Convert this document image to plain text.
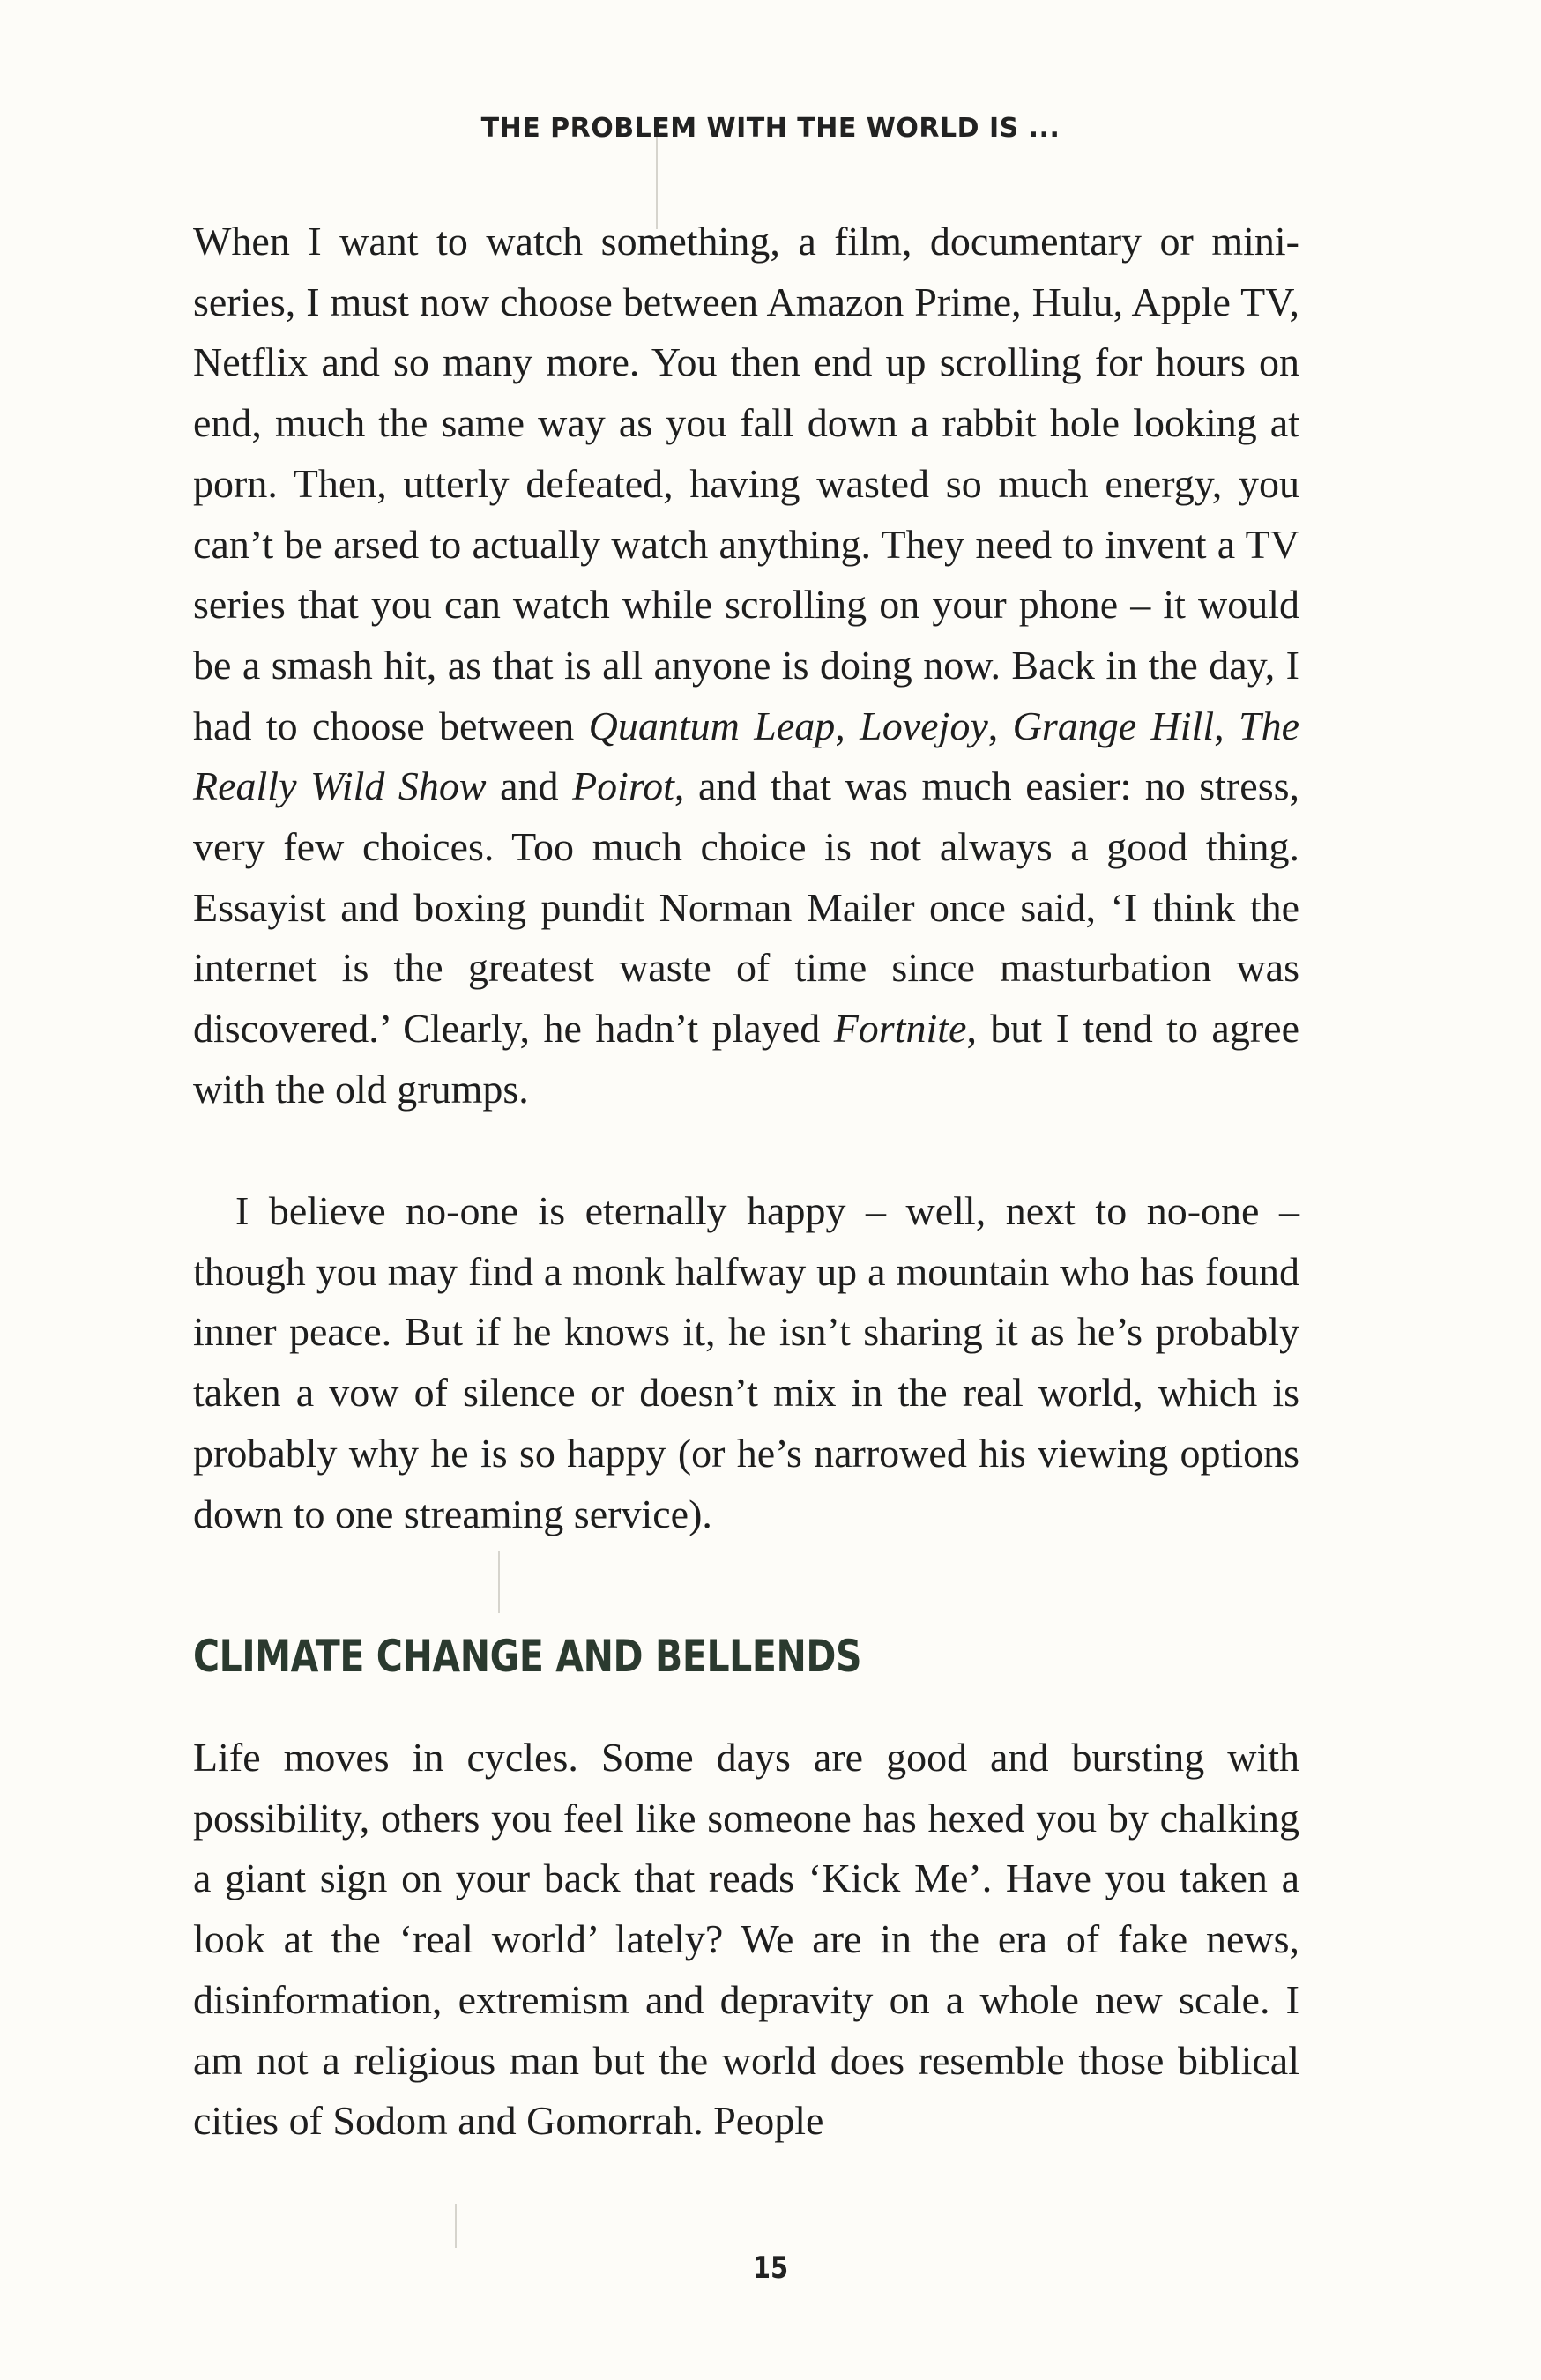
THE PROBLEM WITH THE WORLD IS ...

When I want to watch something, a film, documentary or mini-series, I must now choose between Amazon Prime, Hulu, Apple TV, Netflix and so many more. You then end up scrolling for hours on end, much the same way as you fall down a rabbit hole looking at porn. Then, utterly defeated, having wasted so much energy, you can’t be arsed to actually watch anything. They need to invent a TV series that you can watch while scrolling on your phone – it would be a smash hit, as that is all anyone is doing now. Back in the day, I had to choose between Quantum Leap, Lovejoy, Grange Hill, The Really Wild Show and Poirot, and that was much easier: no stress, very few choices. Too much choice is not always a good thing. Essayist and boxing pundit Norman Mailer once said, ‘I think the internet is the greatest waste of time since masturbation was discovered.’ Clearly, he hadn’t played Fortnite, but I tend to agree with the old grumps.

I believe no-one is eternally happy – well, next to no-one – though you may find a monk halfway up a mountain who has found inner peace. But if he knows it, he isn’t sharing it as he’s probably taken a vow of silence or doesn’t mix in the real world, which is probably why he is so happy (or he’s narrowed his viewing options down to one streaming service).

CLIMATE CHANGE AND BELLENDS

Life moves in cycles. Some days are good and bursting with possibility, others you feel like someone has hexed you by chalking a giant sign on your back that reads ‘Kick Me’. Have you taken a look at the ‘real world’ lately? We are in the era of fake news, disinformation, extremism and depravity on a whole new scale. I am not a religious man but the world does resemble those biblical cities of Sodom and Gomorrah. People

15
